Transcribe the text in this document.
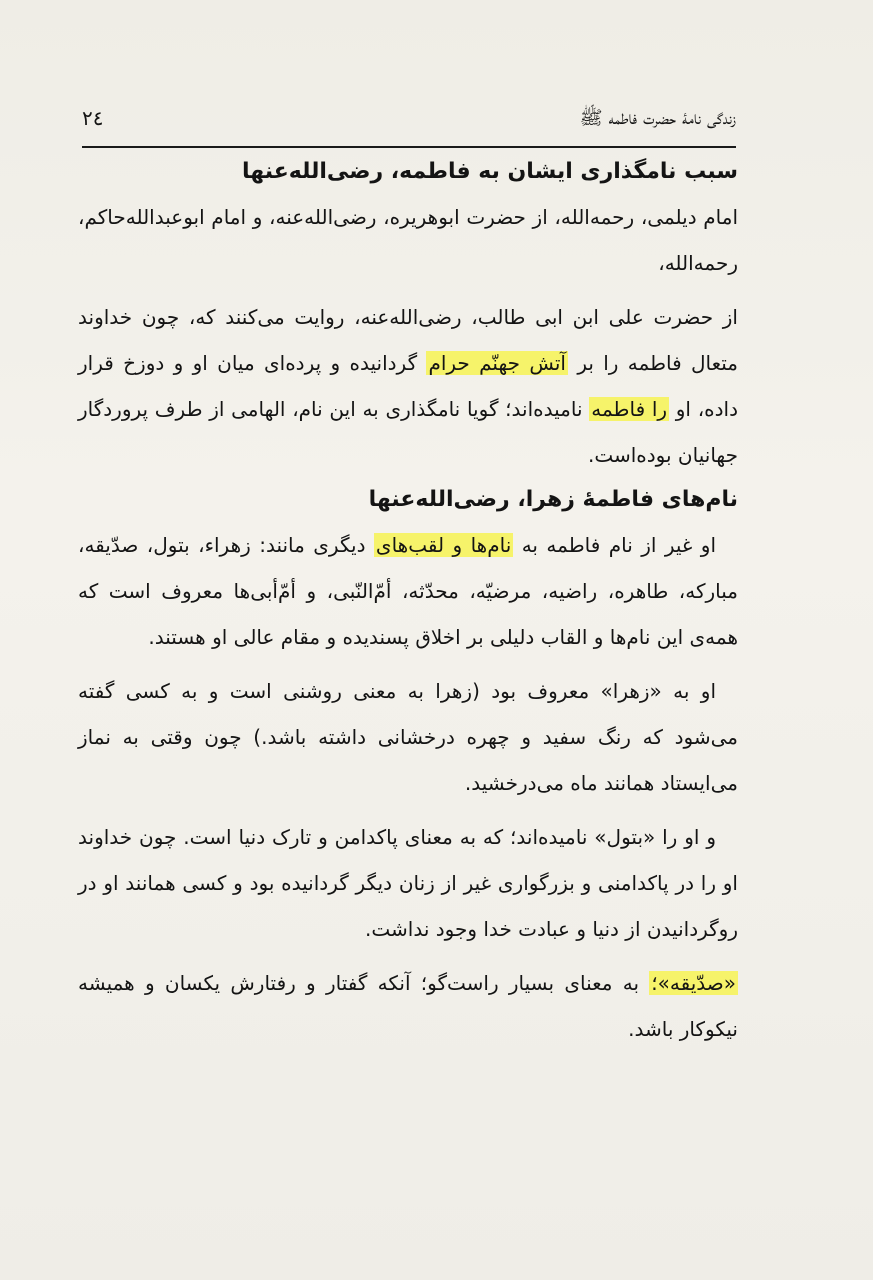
زندگی نامهٔ حضرت فاطمه ﷺ
٢٤
سبب نامگذاری ایشان به فاطمه، رضی‌الله‌عنها

امام دیلمی، رحمه‌الله، از حضرت ابوهریره، رضی‌الله‌عنه، و امام ابوعبدالله‌حاکم، رحمه‌الله،

از حضرت علی ابن ابی طالب، رضی‌الله‌عنه، روایت می‌کنند که، چون خداوند متعال فاطمه را بر آتش جهنّم حرام گردانیده و پرده‌ای میان او و دوزخ قرار داده، او را فاطمه نامیده‌اند؛ گویا نامگذاری به این نام، الهامی از طرف پروردگار جهانیان بوده‌است.

نام‌های فاطمهٔ زهرا، رضی‌الله‌عنها

او غیر از نام فاطمه به نام‌ها و لقب‌های دیگری مانند: زهراء، بتول، صدّیقه، مبارکه، طاهره، راضیه، مرضیّه، محدّثه، أمّ‌النّبی، و أمّ‌أبی‌ها معروف است که همه‌ی این نام‌ها و القاب دلیلی بر اخلاق پسندیده و مقام عالی او هستند.

او به «زهرا» معروف بود (زهرا به معنی روشنی است و به کسی گفته می‌شود که رنگ سفید و چهره درخشانی داشته باشد.) چون وقتی به نماز می‌ایستاد همانند ماه می‌درخشید.

و او را «بتول» نامیده‌اند؛ که به معنای پاکدامن و تارک دنیا است. چون خداوند او را در پاکدامنی و بزرگواری غیر از زنان دیگر گردانیده بود و کسی همانند او در روگردانیدن از دنیا و عبادت خدا وجود نداشت.

«صدّیقه»؛ به معنای بسیار راست‌گو؛ آنکه گفتار و رفتارش یکسان و همیشه نیکوکار باشد.
